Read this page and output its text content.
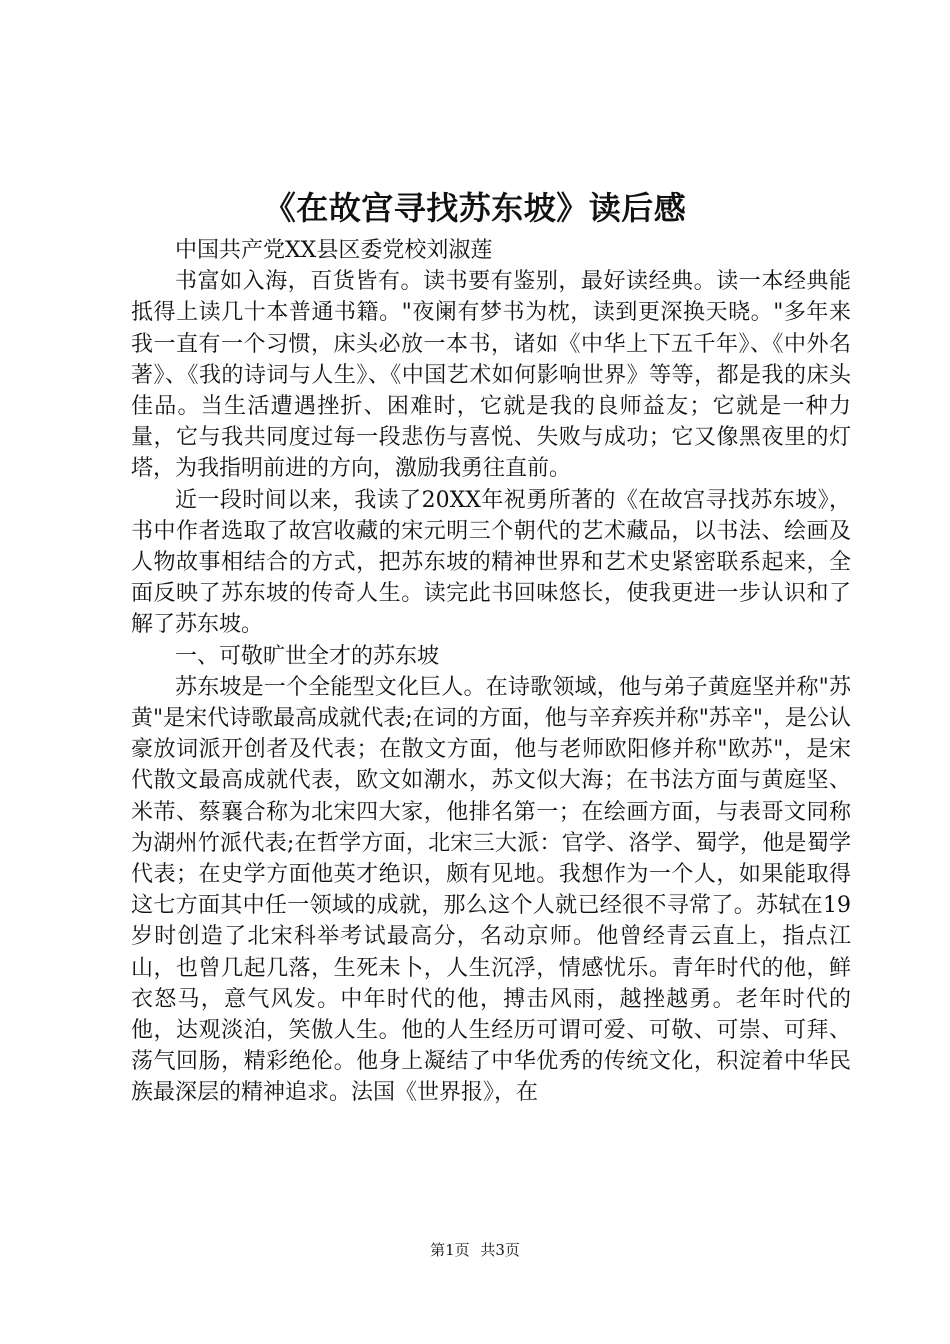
《在故宫寻找苏东坡》读后感

中国共产党XX县区委党校刘淑莲

书富如入海，百货皆有。读书要有鉴别，最好读经典。读一本经典能抵得上读几十本普通书籍。"夜阑有梦书为枕，读到更深换天晓。"多年来我一直有一个习惯，床头必放一本书，诸如《中华上下五千年》、《中外名著》、《我的诗词与人生》、《中国艺术如何影响世界》等等，都是我的床头佳品。当生活遭遇挫折、困难时，它就是我的良师益友；它就是一种力量，它与我共同度过每一段悲伤与喜悦、失败与成功；它又像黑夜里的灯塔，为我指明前进的方向，激励我勇往直前。

近一段时间以来，我读了20XX年祝勇所著的《在故宫寻找苏东坡》，书中作者选取了故宫收藏的宋元明三个朝代的艺术藏品，以书法、绘画及人物故事相结合的方式，把苏东坡的精神世界和艺术史紧密联系起来，全面反映了苏东坡的传奇人生。读完此书回味悠长，使我更进一步认识和了解了苏东坡。

一、可敬旷世全才的苏东坡

苏东坡是一个全能型文化巨人。在诗歌领域，他与弟子黄庭坚并称"苏黄"是宋代诗歌最高成就代表;在词的方面，他与辛弃疾并称"苏辛"，是公认豪放词派开创者及代表；在散文方面，他与老师欧阳修并称"欧苏"，是宋代散文最高成就代表，欧文如潮水，苏文似大海；在书法方面与黄庭坚、米芾、蔡襄合称为北宋四大家，他排名第一；在绘画方面，与表哥文同称为湖州竹派代表;在哲学方面，北宋三大派：官学、洛学、蜀学，他是蜀学代表；在史学方面他英才绝识，颇有见地。我想作为一个人，如果能取得这七方面其中任一领域的成就，那么这个人就已经很不寻常了。苏轼在19岁时创造了北宋科举考试最高分，名动京师。他曾经青云直上，指点江山，也曾几起几落，生死未卜，人生沉浮，情感忧乐。青年时代的他，鲜衣怒马，意气风发。中年时代的他，搏击风雨，越挫越勇。老年时代的他，达观淡泊，笑傲人生。他的人生经历可谓可爱、可敬、可崇、可拜、荡气回肠，精彩绝伦。他身上凝结了中华优秀的传统文化，积淀着中华民族最深层的精神追求。法国《世界报》，在

第1页 共3页
